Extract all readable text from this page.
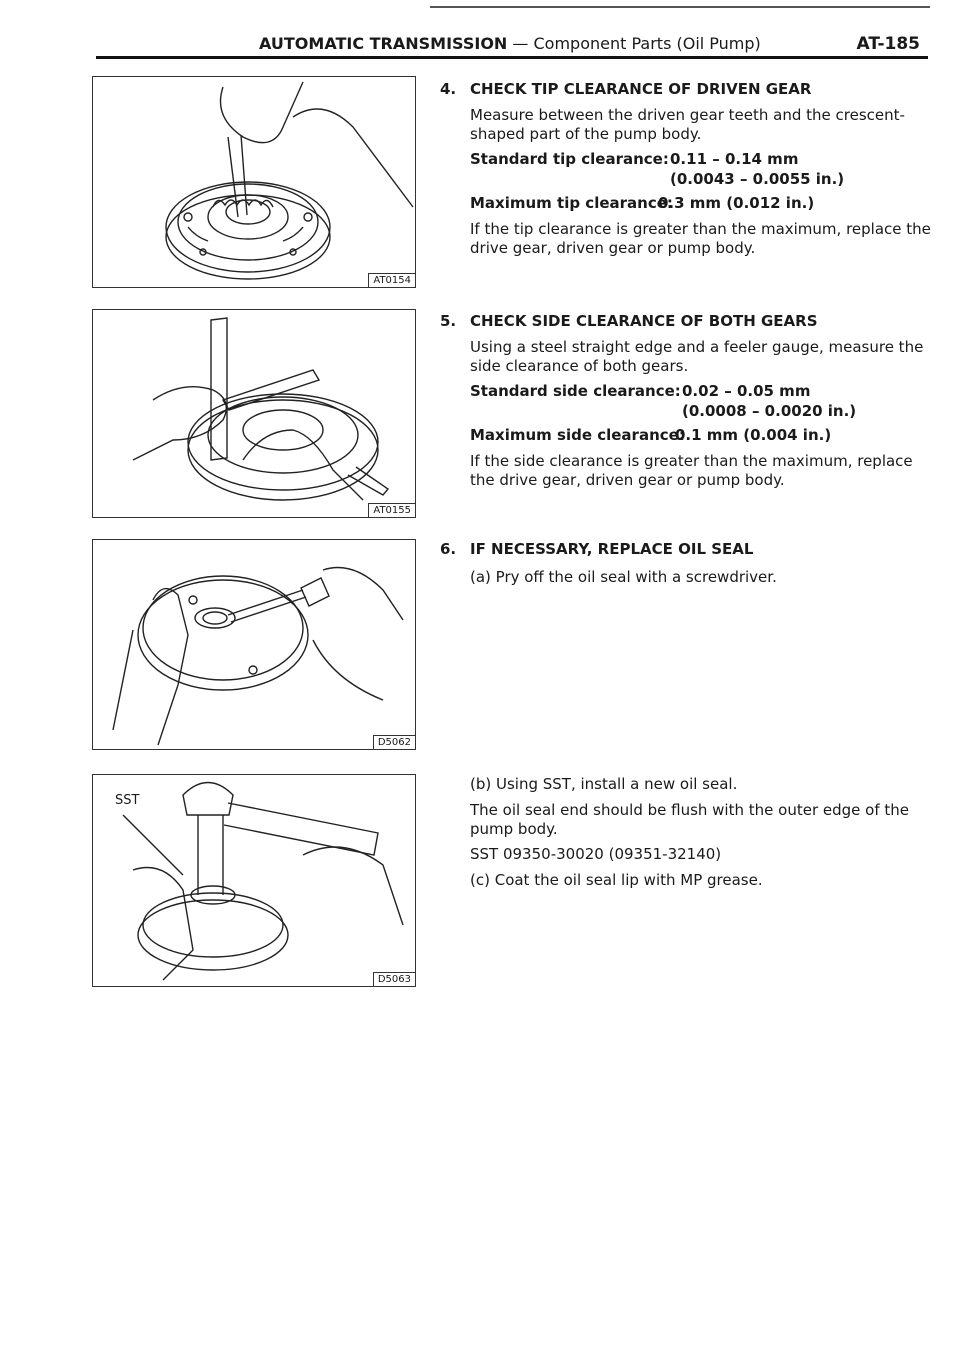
AUTOMATIC TRANSMISSION — Component Parts (Oil Pump)	AT-185
AT0154
AT0155
D5062
SST
D5063
4. CHECK TIP CLEARANCE OF DRIVEN GEAR
Measure between the driven gear teeth and the crescent-shaped part of the pump body.
Standard tip clearance: 0.11 – 0.14 mm
(0.0043 – 0.0055 in.)
Maximum tip clearance:
0.3 mm (0.012 in.)
If the tip clearance is greater than the maximum, replace the drive gear, driven gear or pump body.
5. CHECK SIDE CLEARANCE OF BOTH GEARS
Using a steel straight edge and a feeler gauge, measure the side clearance of both gears.
Standard side clearance: 0.02 – 0.05 mm
(0.0008 – 0.0020 in.)
Maximum side clearance:
0.1 mm (0.004 in.)
If the side clearance is greater than the maximum, replace the drive gear, driven gear or pump body.
6. IF NECESSARY, REPLACE OIL SEAL
(a) Pry off the oil seal with a screwdriver.
(b) Using SST, install a new oil seal.
The oil seal end should be flush with the outer edge of the pump body.
SST 09350-30020 (09351-32140)
(c) Coat the oil seal lip with MP grease.
